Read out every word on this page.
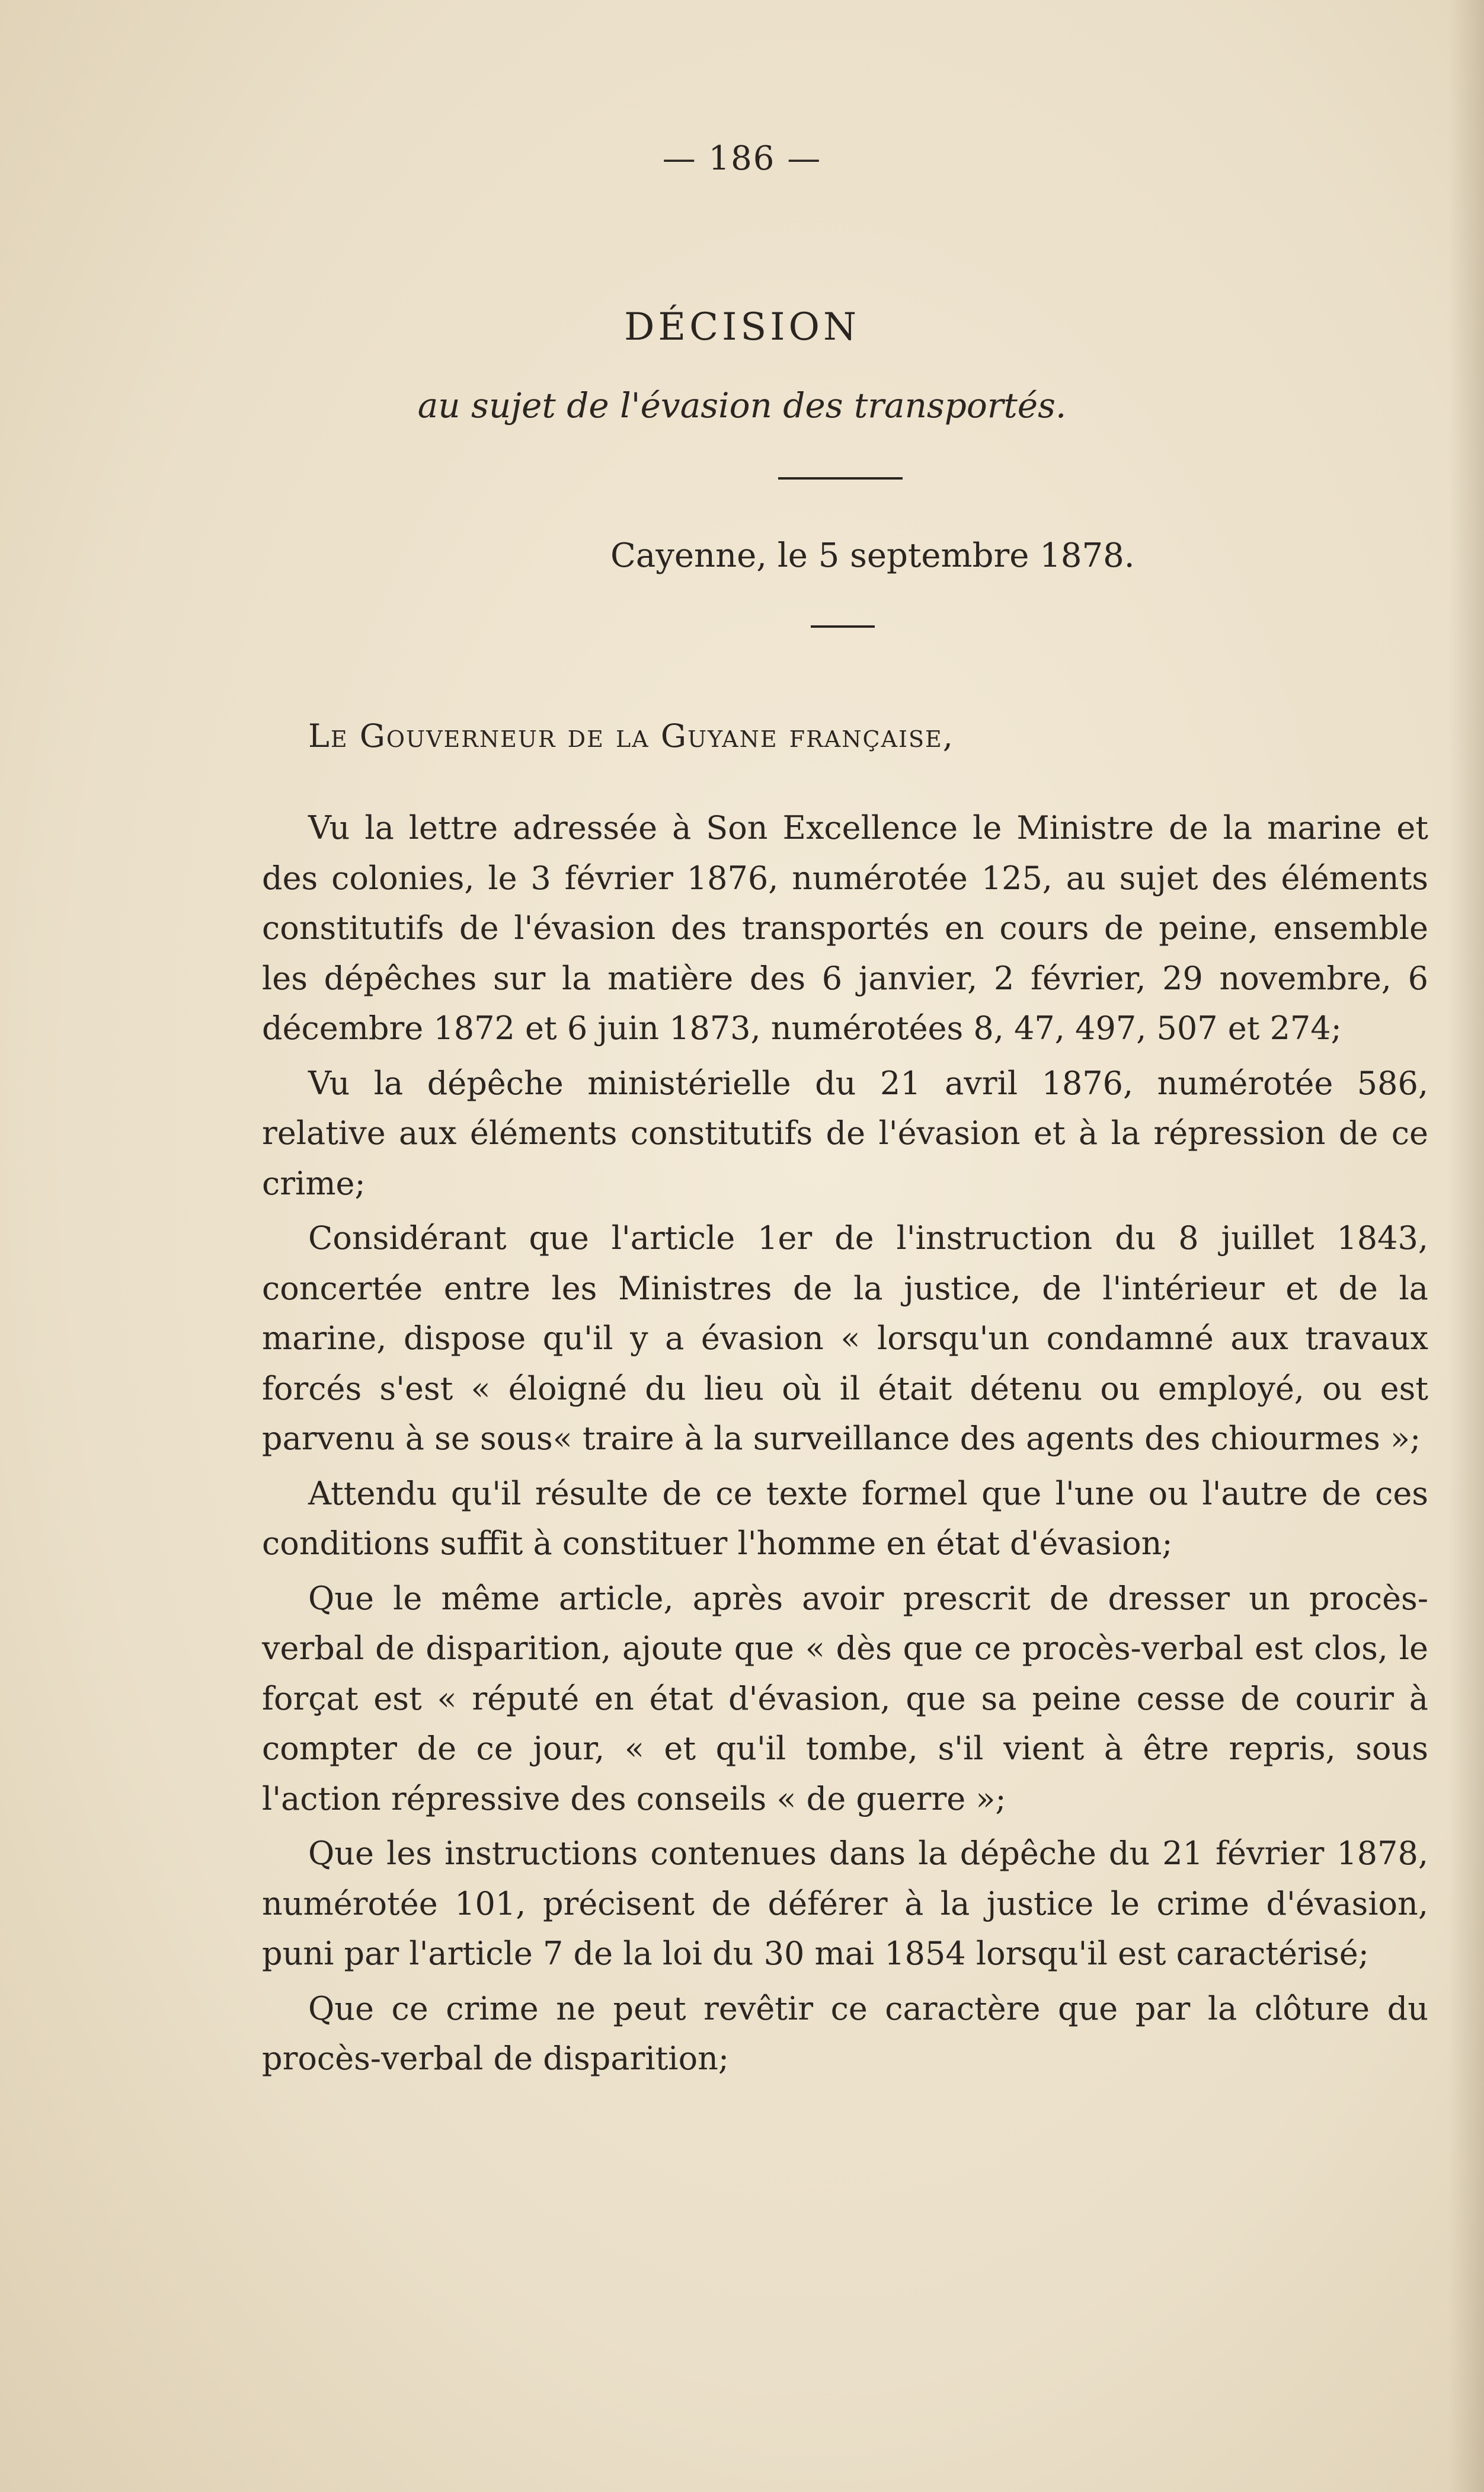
— 186 —
DÉCISION
au sujet de l'évasion des transportés.
Cayenne, le 5 septembre 1878.
Le Gouverneur de la Guyane française,

Vu la lettre adressée à Son Excellence le Ministre de la marine et des colonies, le 3 février 1876, numérotée 125, au sujet des éléments constitutifs de l'évasion des transportés en cours de peine, ensemble les dépêches sur la matière des 6 janvier, 2 février, 29 novembre, 6 décembre 1872 et 6 juin 1873, numérotées 8, 47, 497, 507 et 274;

Vu la dépêche ministérielle du 21 avril 1876, numérotée 586, relative aux éléments constitutifs de l'évasion et à la répression de ce crime;

Considérant que l'article 1er de l'instruction du 8 juillet 1843, concertée entre les Ministres de la justice, de l'intérieur et de la marine, dispose qu'il y a évasion « lorsqu'un condamné aux travaux forcés s'est « éloigné du lieu où il était détenu ou employé, ou est parvenu à se sous« traire à la surveillance des agents des chiourmes »;

Attendu qu'il résulte de ce texte formel que l'une ou l'autre de ces conditions suffit à constituer l'homme en état d'évasion;

Que le même article, après avoir prescrit de dresser un procès-verbal de disparition, ajoute que « dès que ce procès-verbal est clos, le forçat est « réputé en état d'évasion, que sa peine cesse de courir à compter de ce jour, « et qu'il tombe, s'il vient à être repris, sous l'action répressive des conseils « de guerre »;

Que les instructions contenues dans la dépêche du 21 février 1878, numérotée 101, précisent de déférer à la justice le crime d'évasion, puni par l'article 7 de la loi du 30 mai 1854 lorsqu'il est caractérisé;

Que ce crime ne peut revêtir ce caractère que par la clôture du procès-verbal de disparition;
